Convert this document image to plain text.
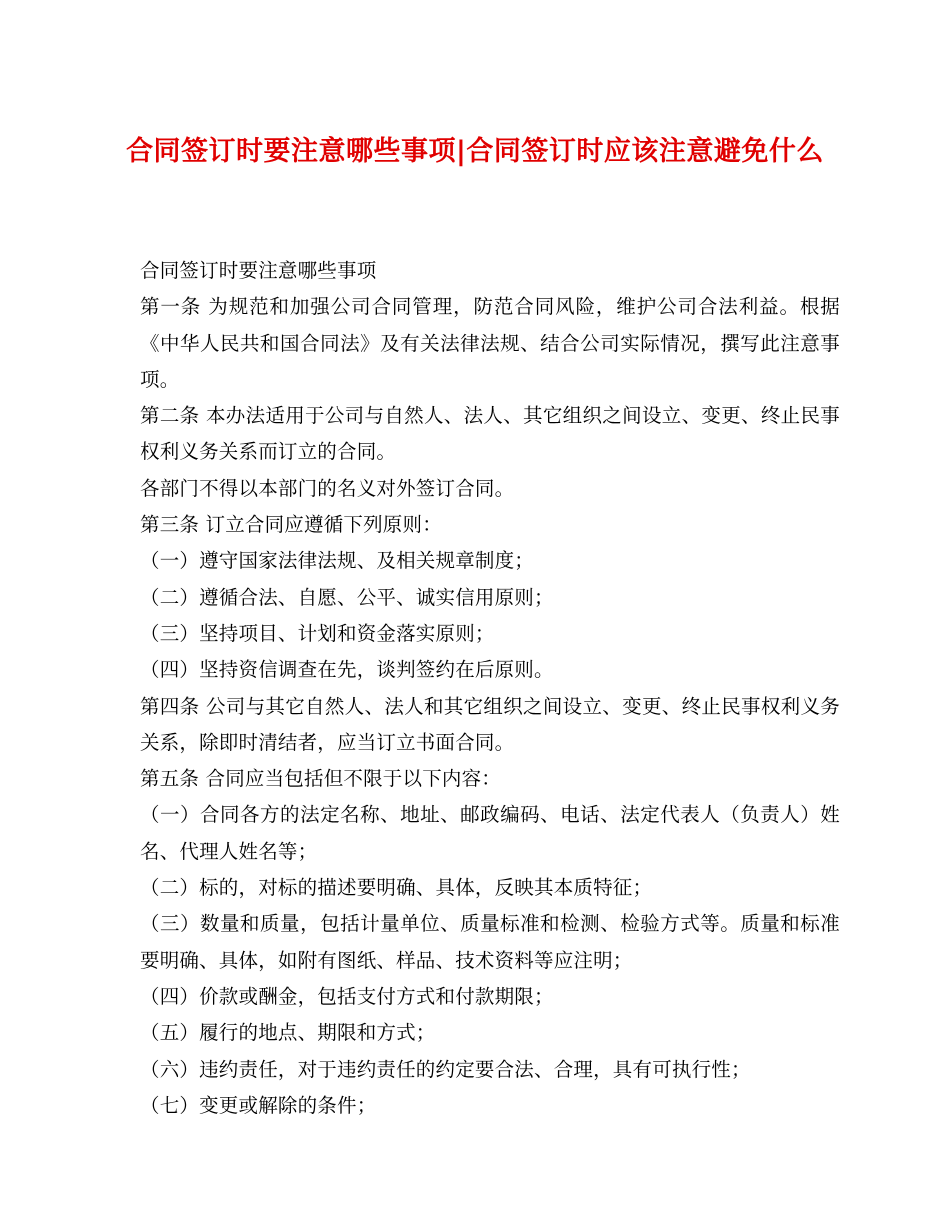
合同签订时要注意哪些事项|合同签订时应该注意避免什么

合同签订时要注意哪些事项

第一条 为规范和加强公司合同管理，防范合同风险，维护公司合法利益。根据《中华人民共和国合同法》及有关法律法规、结合公司实际情况，撰写此注意事项。

第二条 本办法适用于公司与自然人、法人、其它组织之间设立、变更、终止民事权利义务关系而订立的合同。

各部门不得以本部门的名义对外签订合同。

第三条 订立合同应遵循下列原则：

（一）遵守国家法律法规、及相关规章制度；

（二）遵循合法、自愿、公平、诚实信用原则；

（三）坚持项目、计划和资金落实原则；

（四）坚持资信调查在先，谈判签约在后原则。

第四条 公司与其它自然人、法人和其它组织之间设立、变更、终止民事权利义务关系，除即时清结者，应当订立书面合同。

第五条 合同应当包括但不限于以下内容：

（一）合同各方的法定名称、地址、邮政编码、电话、法定代表人（负责人）姓名、代理人姓名等；

（二）标的，对标的描述要明确、具体，反映其本质特征；

（三）数量和质量，包括计量单位、质量标准和检测、检验方式等。质量和标准要明确、具体，如附有图纸、样品、技术资料等应注明；

（四）价款或酬金，包括支付方式和付款期限；

（五）履行的地点、期限和方式；

（六）违约责任，对于违约责任的约定要合法、合理，具有可执行性；

（七）变更或解除的条件；
